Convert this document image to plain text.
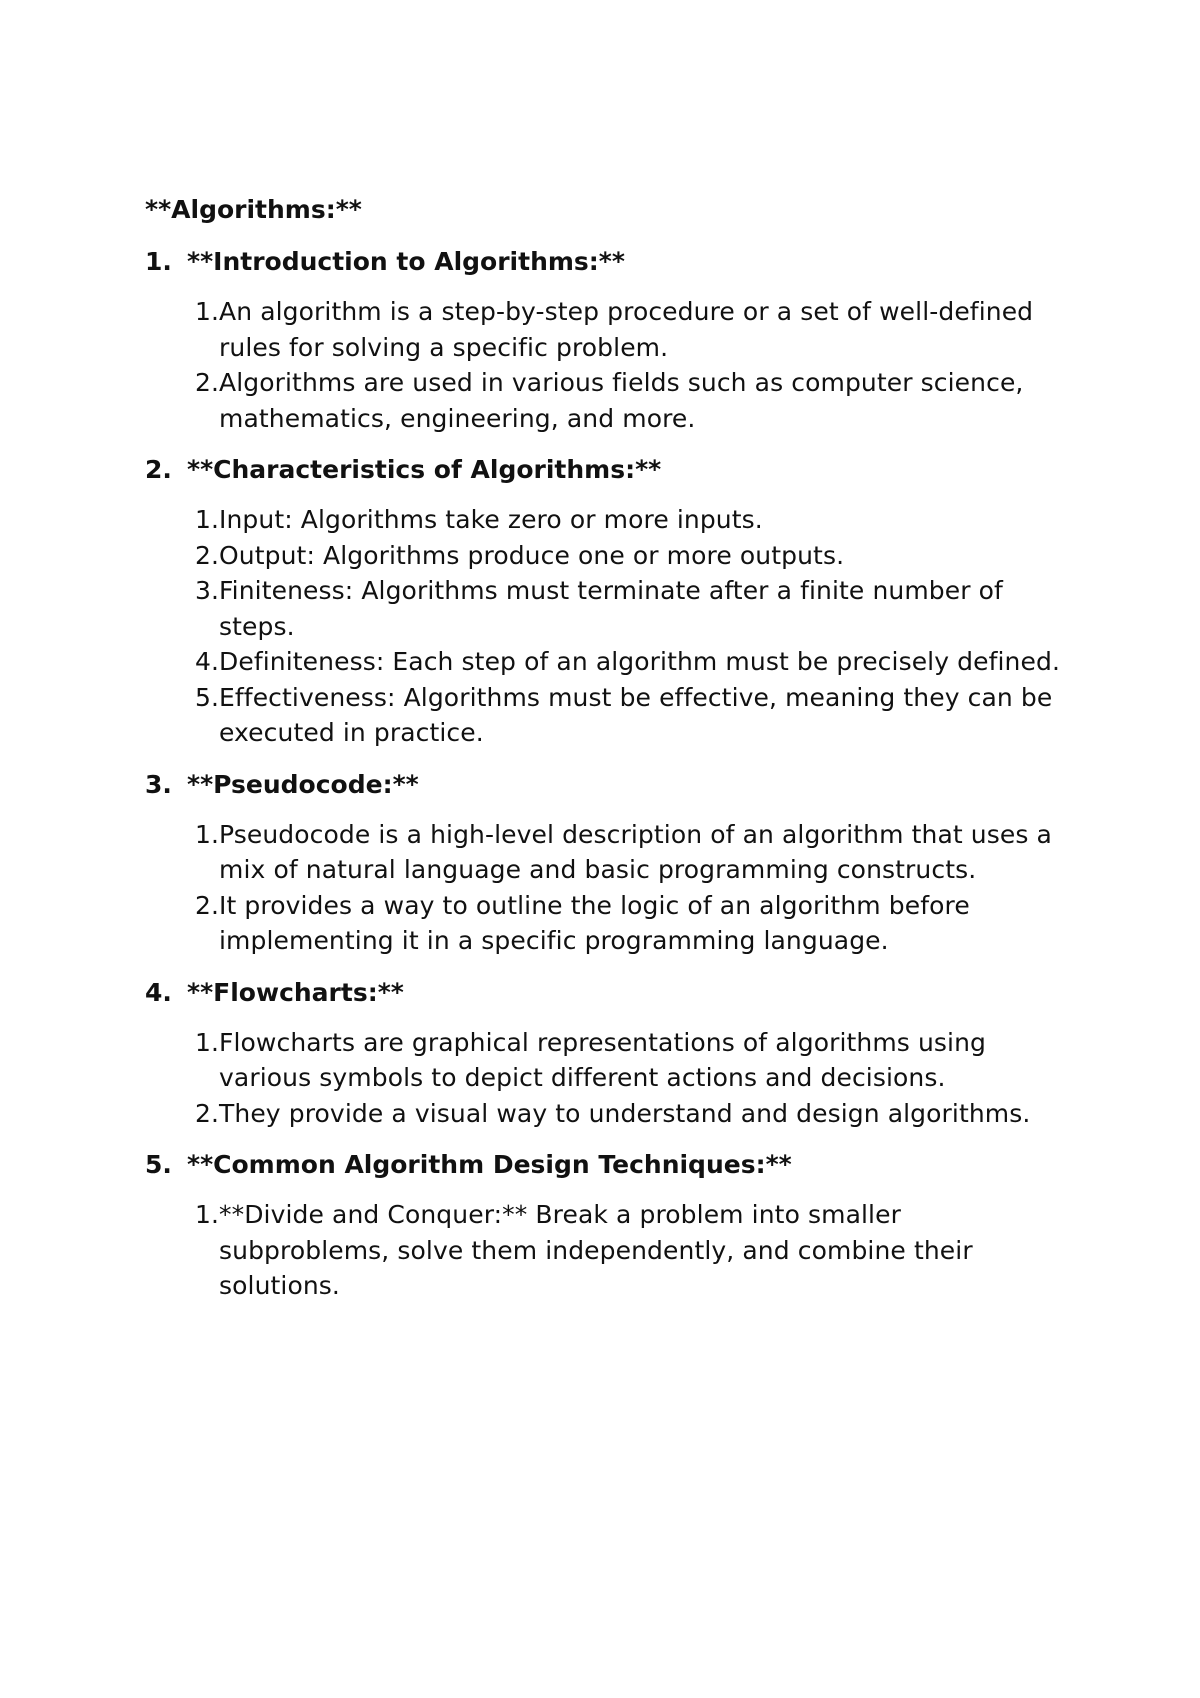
**Algorithms:**
1. **Introduction to Algorithms:**
1. An algorithm is a step-by-step procedure or a set of well-defined rules for solving a specific problem.
2. Algorithms are used in various fields such as computer science, mathematics, engineering, and more.
2. **Characteristics of Algorithms:**
1. Input: Algorithms take zero or more inputs.
2. Output: Algorithms produce one or more outputs.
3. Finiteness: Algorithms must terminate after a finite number of steps.
4. Definiteness: Each step of an algorithm must be precisely defined.
5. Effectiveness: Algorithms must be effective, meaning they can be executed in practice.
3. **Pseudocode:**
1. Pseudocode is a high-level description of an algorithm that uses a mix of natural language and basic programming constructs.
2. It provides a way to outline the logic of an algorithm before implementing it in a specific programming language.
4. **Flowcharts:**
1. Flowcharts are graphical representations of algorithms using various symbols to depict different actions and decisions.
2. They provide a visual way to understand and design algorithms.
5. **Common Algorithm Design Techniques:**
1. **Divide and Conquer:** Break a problem into smaller subproblems, solve them independently, and combine their solutions.
